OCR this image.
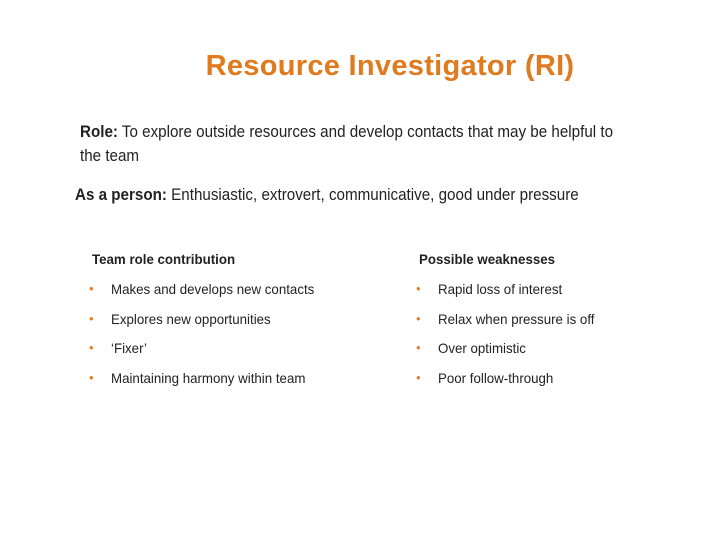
Resource Investigator (RI)
Role: To explore outside resources and develop contacts that may be helpful to the team
As a person: Enthusiastic, extrovert, communicative, good under pressure
Team role contribution
• Makes and develops new contacts
• Explores new opportunities
• ‘Fixer’
• Maintaining harmony within team
Possible weaknesses
• Rapid loss of interest
• Relax when pressure is off
• Over optimistic
• Poor follow-through
